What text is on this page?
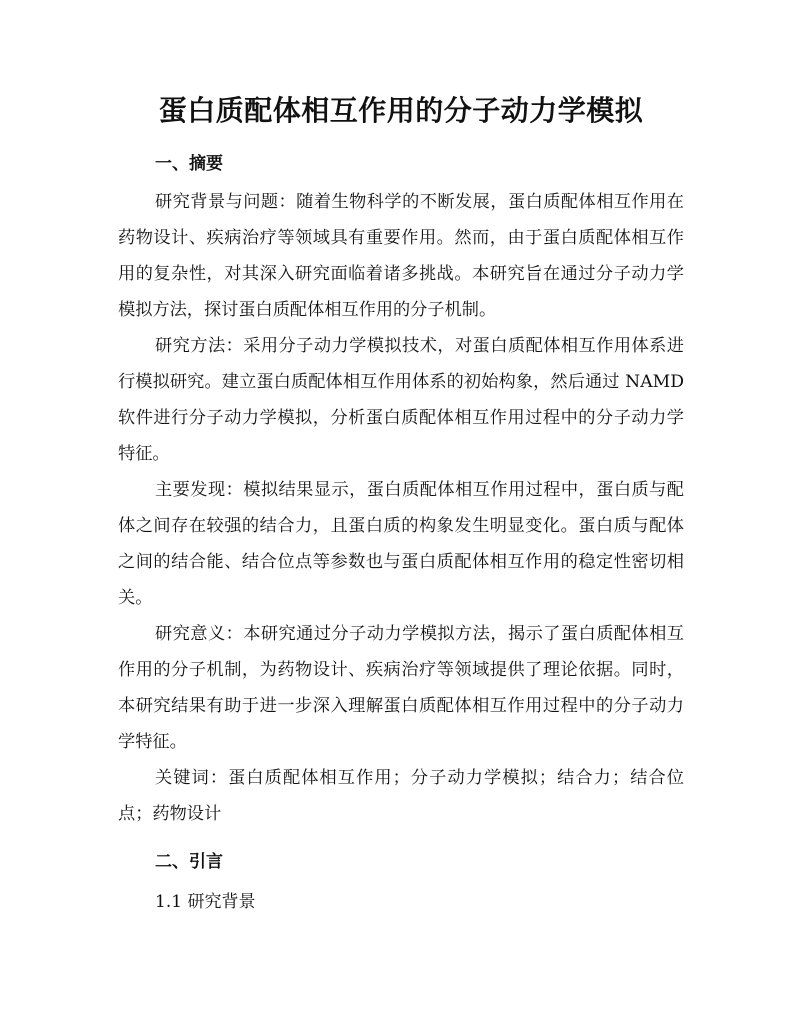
蛋白质配体相互作用的分子动力学模拟
一、摘要

研究背景与问题：随着生物科学的不断发展，蛋白质配体相互作用在药物设计、疾病治疗等领域具有重要作用。然而，由于蛋白质配体相互作用的复杂性，对其深入研究面临着诸多挑战。本研究旨在通过分子动力学模拟方法，探讨蛋白质配体相互作用的分子机制。

研究方法：采用分子动力学模拟技术，对蛋白质配体相互作用体系进行模拟研究。建立蛋白质配体相互作用体系的初始构象，然后通过 NAMD 软件进行分子动力学模拟，分析蛋白质配体相互作用过程中的分子动力学特征。

主要发现：模拟结果显示，蛋白质配体相互作用过程中，蛋白质与配体之间存在较强的结合力，且蛋白质的构象发生明显变化。蛋白质与配体之间的结合能、结合位点等参数也与蛋白质配体相互作用的稳定性密切相关。

研究意义：本研究通过分子动力学模拟方法，揭示了蛋白质配体相互作用的分子机制，为药物设计、疾病治疗等领域提供了理论依据。同时，本研究结果有助于进一步深入理解蛋白质配体相互作用过程中的分子动力学特征。

关键词：蛋白质配体相互作用；分子动力学模拟；结合力；结合位点；药物设计

二、引言

1.1 研究背景
